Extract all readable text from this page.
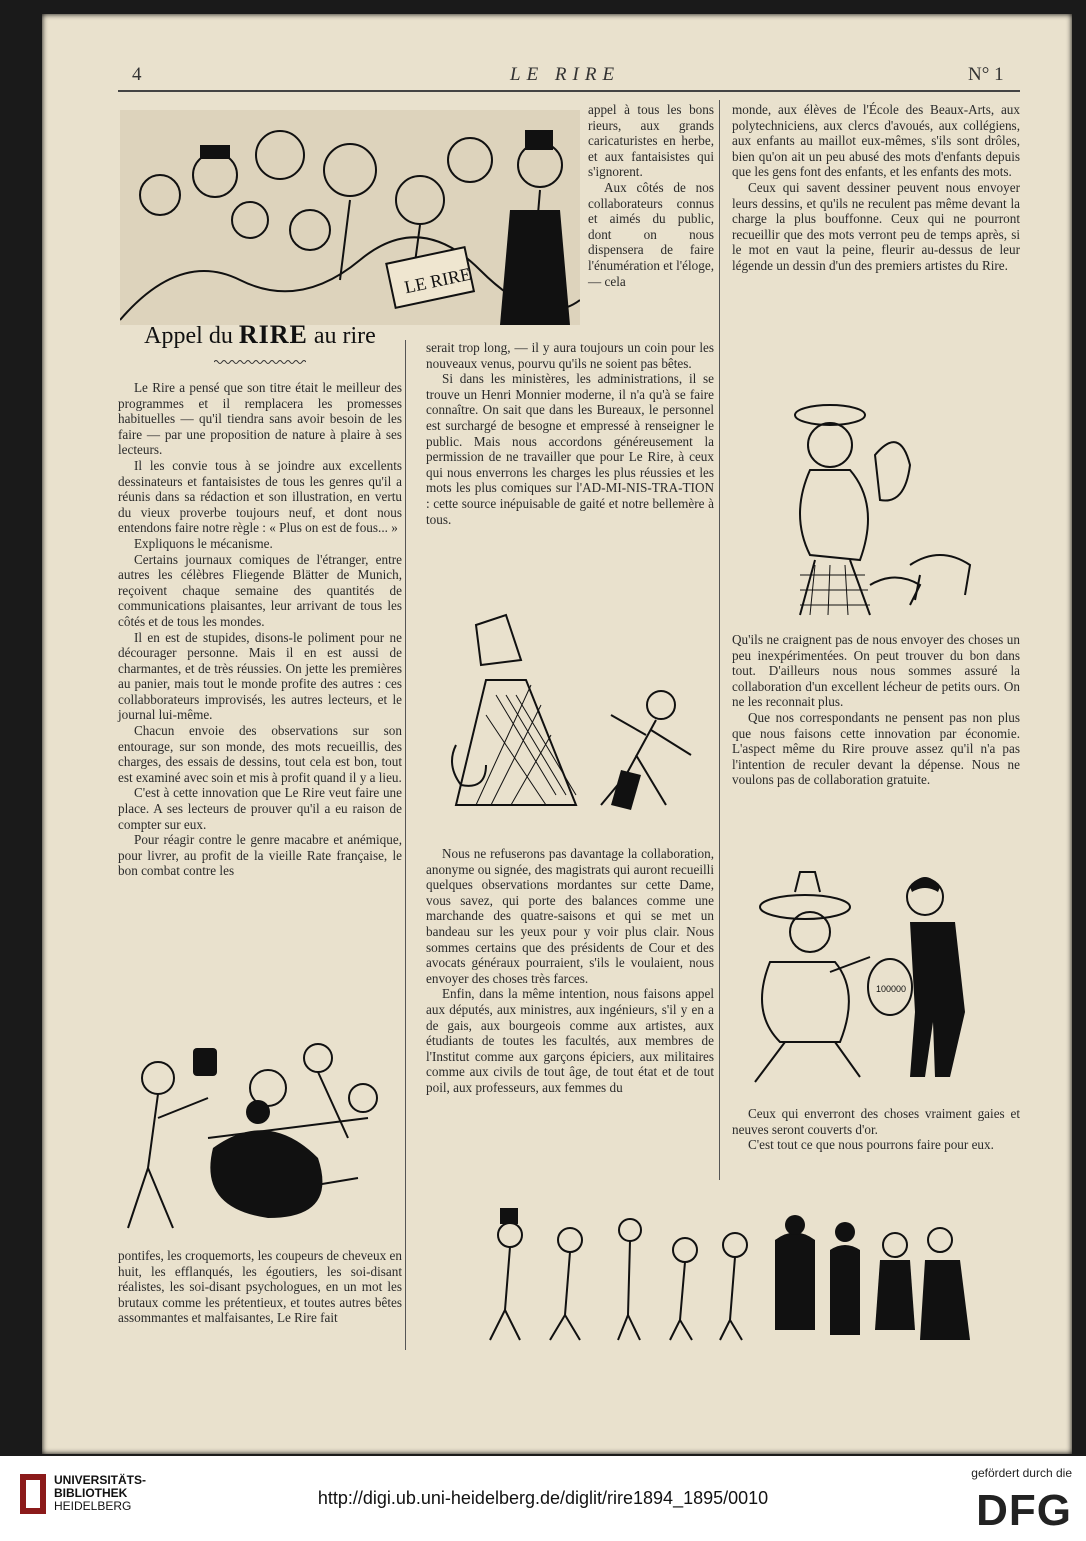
4	LE RIRE	N° 1
LE RIRE
Appel du RIRE au rire

Le Rire a pensé que son titre était le meilleur des programmes et il remplacera les promesses habituelles — qu'il tiendra sans avoir besoin de les faire — par une proposition de nature à plaire à ses lecteurs.

Il les convie tous à se joindre aux excellents dessinateurs et fantaisistes de tous les genres qu'il a réunis dans sa rédaction et son illustration, en vertu du vieux proverbe toujours neuf, et dont nous entendons faire notre règle : « Plus on est de fous... »

Expliquons le mécanisme.

Certains journaux comiques de l'étranger, entre autres les célèbres Fliegende Blätter de Munich, reçoivent chaque semaine des quantités de communications plaisantes, leur arrivant de tous les côtés et de tous les mondes.

Il en est de stupides, disons-le poliment pour ne décourager personne. Mais il en est aussi de charmantes, et de très réussies. On jette les premières au panier, mais tout le monde profite des autres : ces collabborateurs improvisés, les autres lecteurs, et le journal lui-même.

Chacun envoie des observations sur son entourage, sur son monde, des mots recueillis, des charges, des essais de dessins, tout cela est bon, tout est examiné avec soin et mis à profit quand il y a lieu.

C'est à cette innovation que Le Rire veut faire une place. A ses lecteurs de prouver qu'il a eu raison de compter sur eux.

Pour réagir contre le genre macabre et anémique, pour livrer, au profit de la vieille Rate française, le bon combat contre les

pontifes, les croquemorts, les coupeurs de cheveux en huit, les efflanqués, les égoutiers, les soi-disant réalistes, les soi-disant psychologues, en un mot les brutaux comme les prétentieux, et toutes autres bêtes assommantes et malfaisantes, Le Rire fait

appel à tous les bons rieurs, aux grands caricaturistes en herbe, et aux fantaisistes qui s'ignorent.

Aux côtés de nos collaborateurs connus et aimés du public, dont on nous dispensera de faire l'énumération et l'éloge, — cela

serait trop long, — il y aura toujours un coin pour les nouveaux venus, pourvu qu'ils ne soient pas bêtes.

Si dans les ministères, les administrations, il se trouve un Henri Monnier moderne, il n'a qu'à se faire connaître. On sait que dans les Bureaux, le personnel est surchargé de besogne et empressé à renseigner le public. Mais nous accordons généreusement la permission de ne travailler que pour Le Rire, à ceux qui nous enverrons les charges les plus réussies et les mots les plus comiques sur l'AD-MI-NIS-TRA-TION : cette source inépuisable de gaité et notre bellemère à tous.

Nous ne refuserons pas davantage la collaboration, anonyme ou signée, des magistrats qui auront recueilli quelques observations mordantes sur cette Dame, vous savez, qui porte des balances comme une marchande des quatre-saisons et qui se met un bandeau sur les yeux pour y voir plus clair. Nous sommes certains que des présidents de Cour et des avocats généraux pourraient, s'ils le voulaient, nous envoyer des choses très farces.

Enfin, dans la même intention, nous faisons appel aux députés, aux ministres, aux ingénieurs, s'il y en a de gais, aux bourgeois comme aux artistes, aux étudiants de toutes les facultés, aux membres de l'Institut comme aux garçons épiciers, aux militaires comme aux civils de tout âge, de tout état et de tout poil, aux professeurs, aux femmes du

monde, aux élèves de l'École des Beaux-Arts, aux polytechniciens, aux clercs d'avoués, aux collégiens, aux enfants au maillot eux-mêmes, s'ils sont drôles, bien qu'on ait un peu abusé des mots d'enfants depuis que les gens font des enfants, et les enfants des mots.

Ceux qui savent dessiner peuvent nous envoyer leurs dessins, et qu'ils ne reculent pas même devant la charge la plus bouffonne. Ceux qui ne pourront recueillir que des mots verront peu de temps après, si le mot en vaut la peine, fleurir au-dessus de leur légende un dessin d'un des premiers artistes du Rire.

Qu'ils ne craignent pas de nous envoyer des choses un peu inexpérimentées. On peut trouver du bon dans tout. D'ailleurs nous nous sommes assuré la collaboration d'un excellent lécheur de petits ours. On ne les reconnait plus.

Que nos correspondants ne pensent pas non plus que nous faisons cette innovation par économie. L'aspect même du Rire prouve assez qu'il n'a pas l'intention de reculer devant la dépense. Nous ne voulons pas de collaboration gratuite.

100000

Ceux qui enverront des choses vraiment gaies et neuves seront couverts d'or.

C'est tout ce que nous pourrons faire pour eux.

UNIVERSITÄTS-
BIBLIOTHEK
HEIDELBERG	http://digi.ub.uni-heidelberg.de/diglit/rire1894_1895/0010
gefördert durch die
DFG
